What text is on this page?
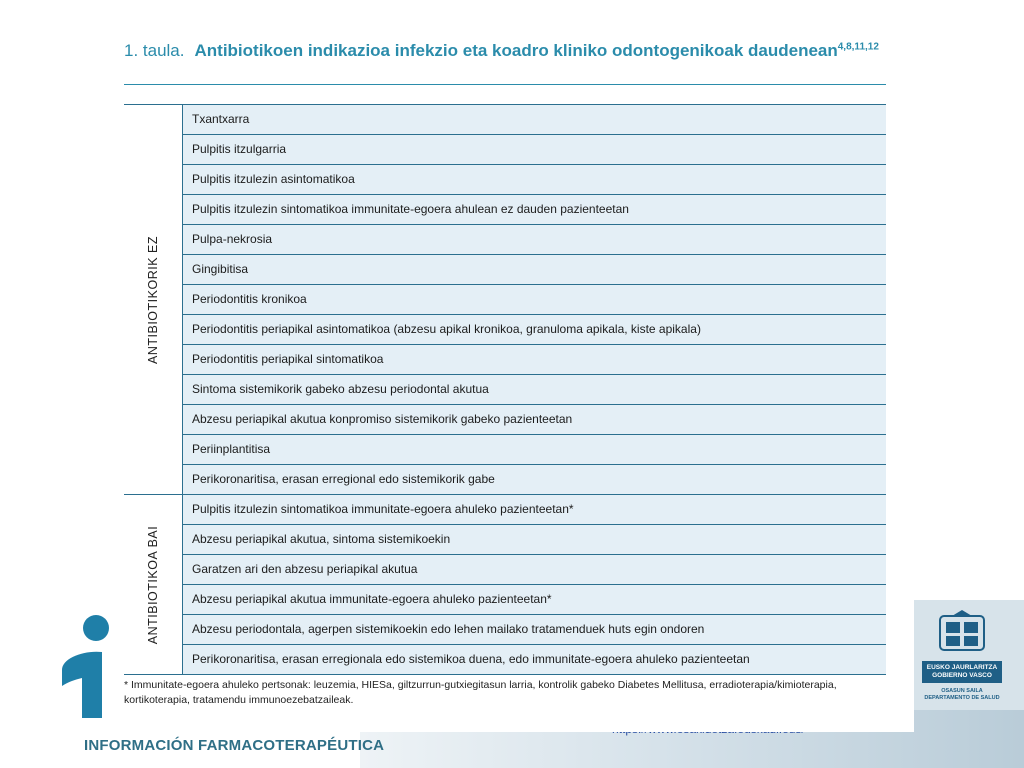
INFORMACIÓN FARMACOTERAPÉUTICA
EUSKO JAURLARITZA
GOBIERNO VASCO
OSASUN SAILA
DEPARTAMENTO DE SALUD
1. taula. Antibiotikoen indikazioa infekzio eta koadro kliniko odontogenikoak daudenean$^{4,8,11,12}$
ANTIBIOTIKORIK EZ
Txantxarra
Pulpitis itzulgarria
Pulpitis itzulezin asintomatikoa
Pulpitis itzulezin sintomatikoa immunitate-egoera ahulean ez dauden pazienteetan
Pulpa-nekrosia
Gingibitisa
Periodontitis kronikoa
Periodontitis periapikal asintomatikoa (abzesu apikal kronikoa, granuloma apikala, kiste apikala)
Periodontitis periapikal sintomatikoa
Sintoma sistemikorik gabeko abzesu periodontal akutua
Abzesu periapikal akutua konpromiso sistemikorik gabeko pazienteetan
Periinplantitisa
Perikoronaritisa, erasan erregional edo sistemikorik gabe
ANTIBIOTIKOA BAI
Pulpitis itzulezin sintomatikoa immunitate-egoera ahuleko pazienteetan*
Abzesu periapikal akutua, sintoma sistemikoekin
Garatzen ari den abzesu periapikal akutua
Abzesu periapikal akutua immunitate-egoera ahuleko pazienteetan*
Abzesu periodontala, agerpen sistemikoekin edo lehen mailako tratamenduek huts egin ondoren
Perikoronaritisa, erasan erregionala edo sistemikoa duena, edo immunitate-egoera ahuleko pazienteetan
* Immunitate-egoera ahuleko pertsonak: leuzemia, HIESa, giltzurrun-gutxiegitasun larria, kontrolik gabeko Diabetes Mellitusa, erradioterapia/kimioterapia, kortikoterapia, tratamendu immunoezebatzaileak.
